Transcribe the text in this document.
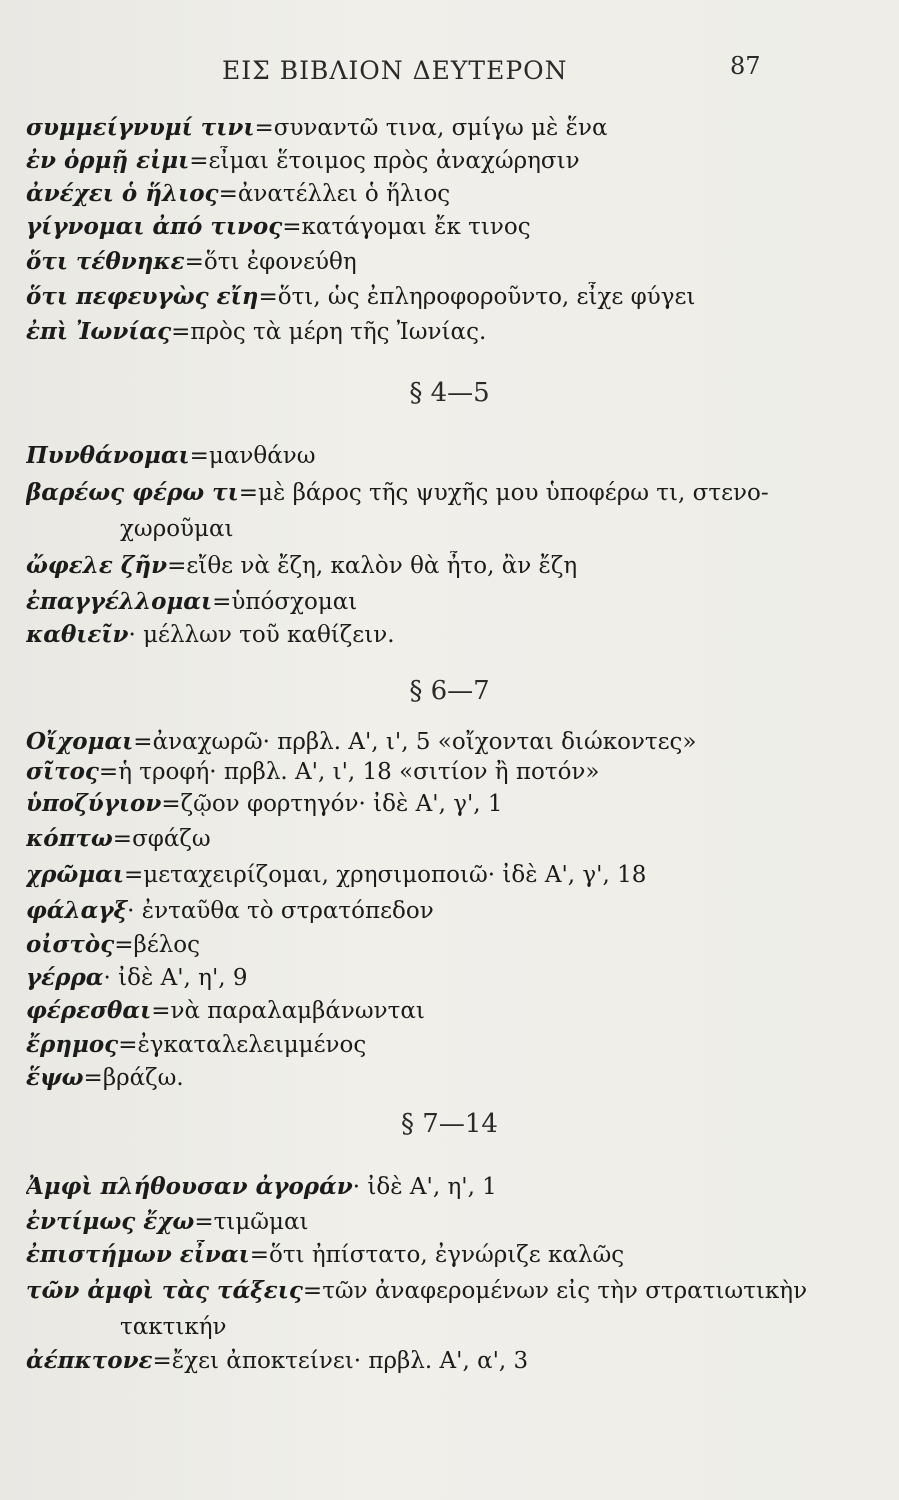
ΕΙΣ ΒΙΒΛΙΟΝ ΔΕΥΤΕΡΟΝ	87
συμμείγνυμί τινι=συναντῶ τινα, σμίγω μὲ ἕνα
ἐν ὁρμῇ εἰμι=εἶμαι ἕτοιμος πρὸς ἀναχώρησιν
ἀνέχει ὁ ἥλιος=ἀνατέλλει ὁ ἥλιος
γίγνομαι ἀπό τινος=κατάγομαι ἔκ τινος
ὅτι τέθνηκε=ὅτι ἐφονεύθη
ὅτι πεφευγὼς εἴη=ὅτι, ὡς ἐπληροφοροῦντο, εἶχε φύγει
ἐπὶ Ἰωνίας=πρὸς τὰ μέρη τῆς Ἰωνίας.
§ 4—5
Πυνθάνομαι=μανθάνω
βαρέως φέρω τι=μὲ βάρος τῆς ψυχῆς μου ὑποφέρω τι, στενο-
χωροῦμαι
ὤφελε ζῆν=εἴθε νὰ ἔζη, καλὸν θὰ ἦτο, ἂν ἔζη
ἐπαγγέλλομαι=ὑπόσχομαι
καθιεῖν· μέλλων τοῦ καθίζειν.
§ 6—7
Οἴχομαι=ἀναχωρῶ· πρβλ. Α', ι', 5 «οἴχονται διώκοντες»
σῖτος=ἡ τροφή· πρβλ. Α', ι', 18 «σιτίον ἢ ποτόν»
ὑποζύγιον=ζῷον φορτηγόν· ἰδὲ Α', γ', 1
κόπτω=σφάζω
χρῶμαι=μεταχειρίζομαι, χρησιμοποιῶ· ἰδὲ Α', γ', 18
φάλαγξ· ἐνταῦθα τὸ στρατόπεδον
οἰστὸς=βέλος
γέρρα· ἰδὲ Α', η', 9
φέρεσθαι=νὰ παραλαμβάνωνται
ἔρημος=ἐγκαταλελειμμένος
ἕψω=βράζω.
§ 7—14
Ἀμφὶ πλήθουσαν ἀγοράν· ἰδὲ Α', η', 1
ἐντίμως ἔχω=τιμῶμαι
ἐπιστήμων εἶναι=ὅτι ἠπίστατο, ἐγνώριζε καλῶς
τῶν ἀμφὶ τὰς τάξεις=τῶν ἀναφερομένων εἰς τὴν στρατιωτικὴν
τακτικήν
ἀέπκτονε=ἔχει ἀποκτείνει· πρβλ. Α', α', 3
